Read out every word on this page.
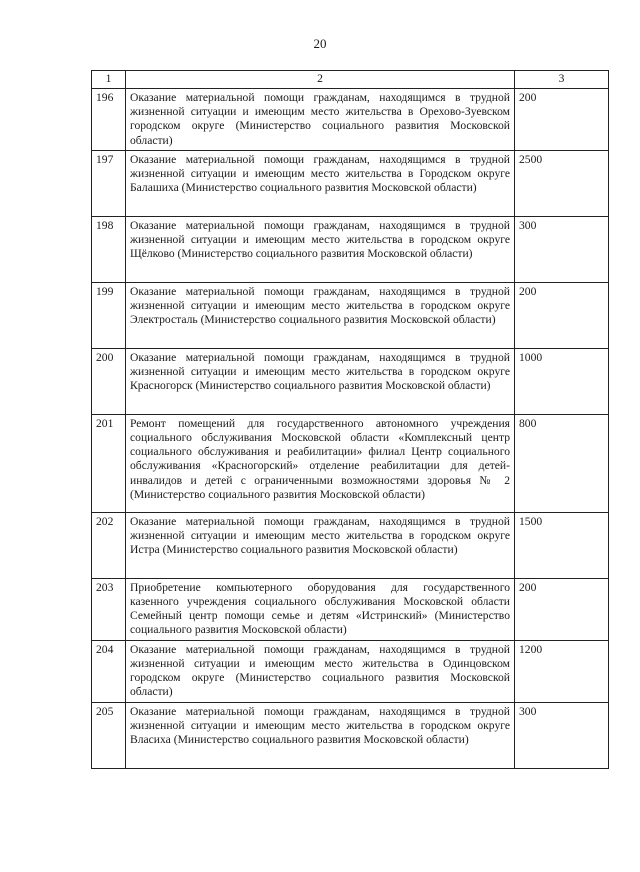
20
1	2	3
196	Оказание материальной помощи гражданам, находящимся в трудной жизненной ситуации и имеющим место жительства в Орехово-Зуевском городском округе (Министерство социального развития Московской области)	200
197	Оказание материальной помощи гражданам, находящимся в трудной жизненной ситуации и имеющим место жительства в Городском округе Балашиха (Министерство социального развития Московской области)	2500
198	Оказание материальной помощи гражданам, находящимся в трудной жизненной ситуации и имеющим место жительства в городском округе Щёлково (Министерство социального развития Московской области)	300
199	Оказание материальной помощи гражданам, находящимся в трудной жизненной ситуации и имеющим место жительства в городском округе Электросталь (Министерство социального развития Московской области)	200
200	Оказание материальной помощи гражданам, находящимся в трудной жизненной ситуации и имеющим место жительства в городском округе Красногорск (Министерство социального развития Московской области)	1000
201	Ремонт помещений для государственного автономного учреждения социального обслуживания Московской области «Комплексный центр социального обслуживания и реабилитации» филиал Центр социального обслуживания «Красногорский» отделение реабилитации для детей-инвалидов и детей с ограниченными возможностями здоровья № 2 (Министерство социального развития Московской области)	800
202	Оказание материальной помощи гражданам, находящимся в трудной жизненной ситуации и имеющим место жительства в городском округе Истра (Министерство социального развития Московской области)	1500
203	Приобретение компьютерного оборудования для государственного казенного учреждения социального обслуживания Московской области Семейный центр помощи семье и детям «Истринский» (Министерство социального развития Московской области)	200
204	Оказание материальной помощи гражданам, находящимся в трудной жизненной ситуации и имеющим место жительства в Одинцовском городском округе (Министерство социального развития Московской области)	1200
205	Оказание материальной помощи гражданам, находящимся в трудной жизненной ситуации и имеющим место жительства в городском округе Власиха (Министерство социального развития Московской области)	300
